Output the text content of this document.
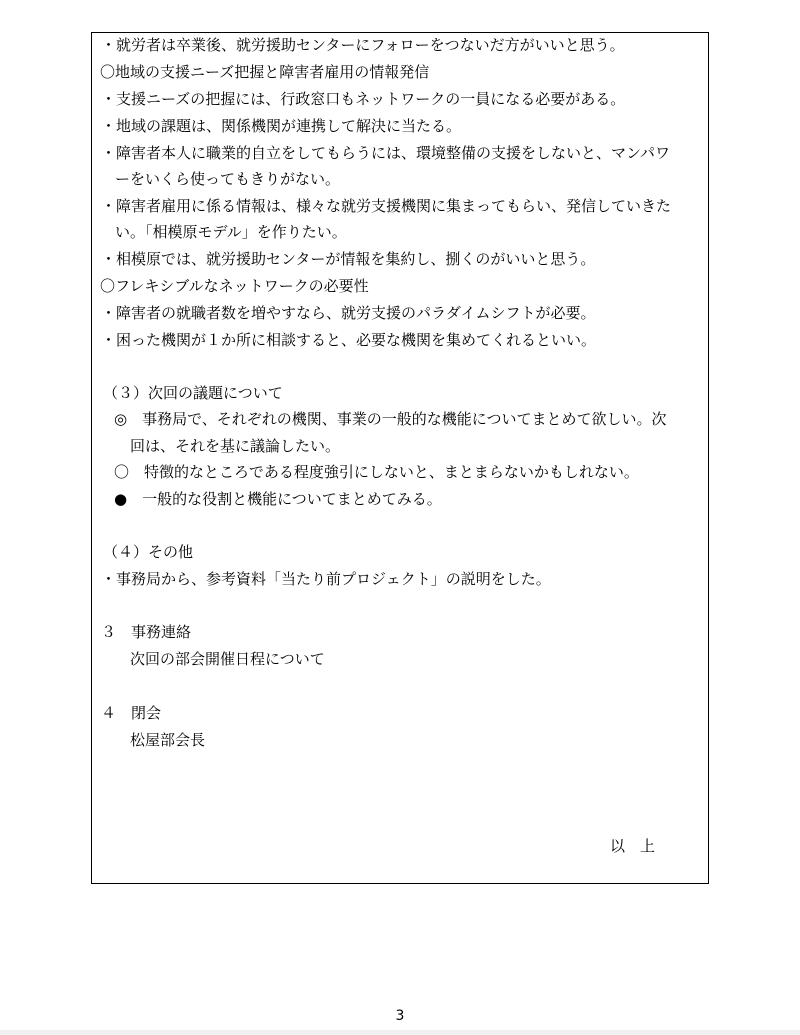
・就労者は卒業後、就労援助センターにフォローをつないだ方がいいと思う。
〇地域の支援ニーズ把握と障害者雇用の情報発信
・支援ニーズの把握には、行政窓口もネットワークの一員になる必要がある。
・地域の課題は、関係機関が連携して解決に当たる。
・障害者本人に職業的自立をしてもらうには、環境整備の支援をしないと、マンパワ
ーをいくら使ってもきりがない。
・障害者雇用に係る情報は、様々な就労支援機関に集まってもらい、発信していきた
い。「相模原モデル」を作りたい。
・相模原では、就労援助センターが情報を集約し、捌くのがいいと思う。
〇フレキシブルなネットワークの必要性
・障害者の就職者数を増やすなら、就労支援のパラダイムシフトが必要。
・困った機関が１か所に相談すると、必要な機関を集めてくれるといい。
（３）次回の議題について
◎　事務局で、それぞれの機関、事業の一般的な機能についてまとめて欲しい。次
回は、それを基に議論したい。
〇　特徴的なところである程度強引にしないと、まとまらないかもしれない。
●　一般的な役割と機能についてまとめてみる。
（４）その他
・事務局から、参考資料「当たり前プロジェクト」の説明をした。
３　事務連絡
次回の部会開催日程について
４　閉会
松屋部会長
以　上
3
